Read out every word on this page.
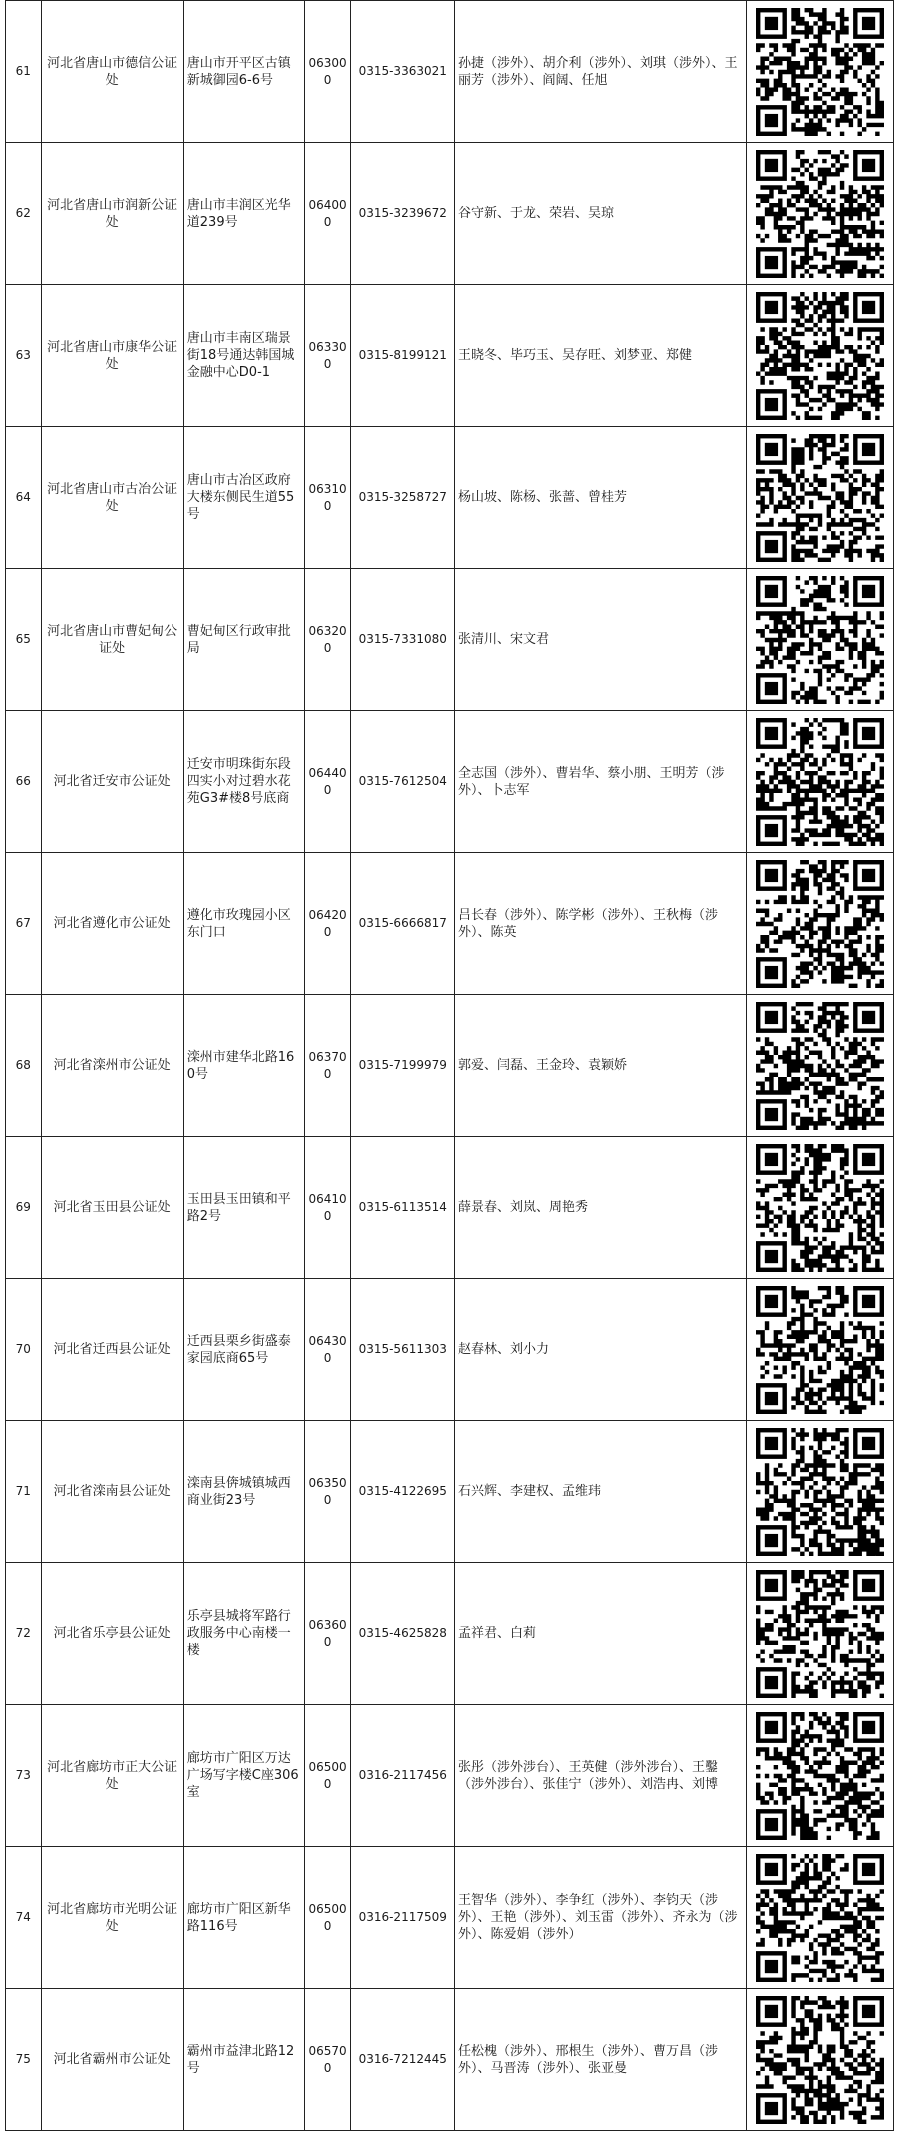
61	河北省唐山市德信公证处	唐山市开平区古镇新城御园6-6号	063000	0315-3363021	孙捷（涉外）、胡介利（涉外）、刘琪（涉外）、王丽芳（涉外）、阎阔、任旭	

62	河北省唐山市润新公证处	唐山市丰润区光华道239号	064000	0315-3239672	谷守新、于龙、荣岩、吴琼	

63	河北省唐山市康华公证处	唐山市丰南区瑞景街18号通达韩国城金融中心D0-1	063300	0315-8199121	王晓冬、毕巧玉、吴存旺、刘梦亚、郑健	

64	河北省唐山市古冶公证处	唐山市古冶区政府大楼东侧民生道55号	063100	0315-3258727	杨山坡、陈杨、张蔷、曾桂芳	

65	河北省唐山市曹妃甸公证处	曹妃甸区行政审批局	063200	0315-7331080	张清川、宋文君	

66	河北省迁安市公证处	迁安市明珠街东段四实小对过碧水花苑G3#楼8号底商	064400	0315-7612504	全志国（涉外）、曹岩华、蔡小朋、王明芳（涉外）、卜志军	

67	河北省遵化市公证处	遵化市玫瑰园小区东门口	064200	0315-6666817	吕长春（涉外）、陈学彬（涉外）、王秋梅（涉外）、陈英	

68	河北省滦州市公证处	滦州市建华北路160号	063700	0315-7199979	郭爱、闫磊、王金玲、袁颖娇	

69	河北省玉田县公证处	玉田县玉田镇和平路2号	064100	0315-6113514	薛景春、刘岚、周艳秀	

70	河北省迁西县公证处	迁西县栗乡街盛泰家园底商65号	064300	0315-5611303	赵春林、刘小力	

71	河北省滦南县公证处	滦南县倴城镇城西商业街23号	063500	0315-4122695	石兴辉、李建权、孟维玮	

72	河北省乐亭县公证处	乐亭县城将军路行政服务中心南楼一楼	063600	0315-4625828	孟祥君、白莉	

73	河北省廊坊市正大公证处	廊坊市广阳区万达广场写字楼C座306室	065000	0316-2117456	张彤（涉外涉台）、王英健（涉外涉台）、王鑿（涉外涉台）、张佳宁（涉外）、刘浩冉、刘博	

74	河北省廊坊市光明公证处	廊坊市广阳区新华路116号	065000	0316-2117509	王智华（涉外）、李争红（涉外）、李钧天（涉外）、王艳（涉外）、刘玉雷（涉外）、齐永为（涉外）、陈爱娟（涉外）	

75	河北省霸州市公证处	霸州市益津北路12号	065700	0316-7212445	任松槐（涉外）、邢根生（涉外）、曹万昌（涉外）、马晋涛（涉外）、张亚曼	
